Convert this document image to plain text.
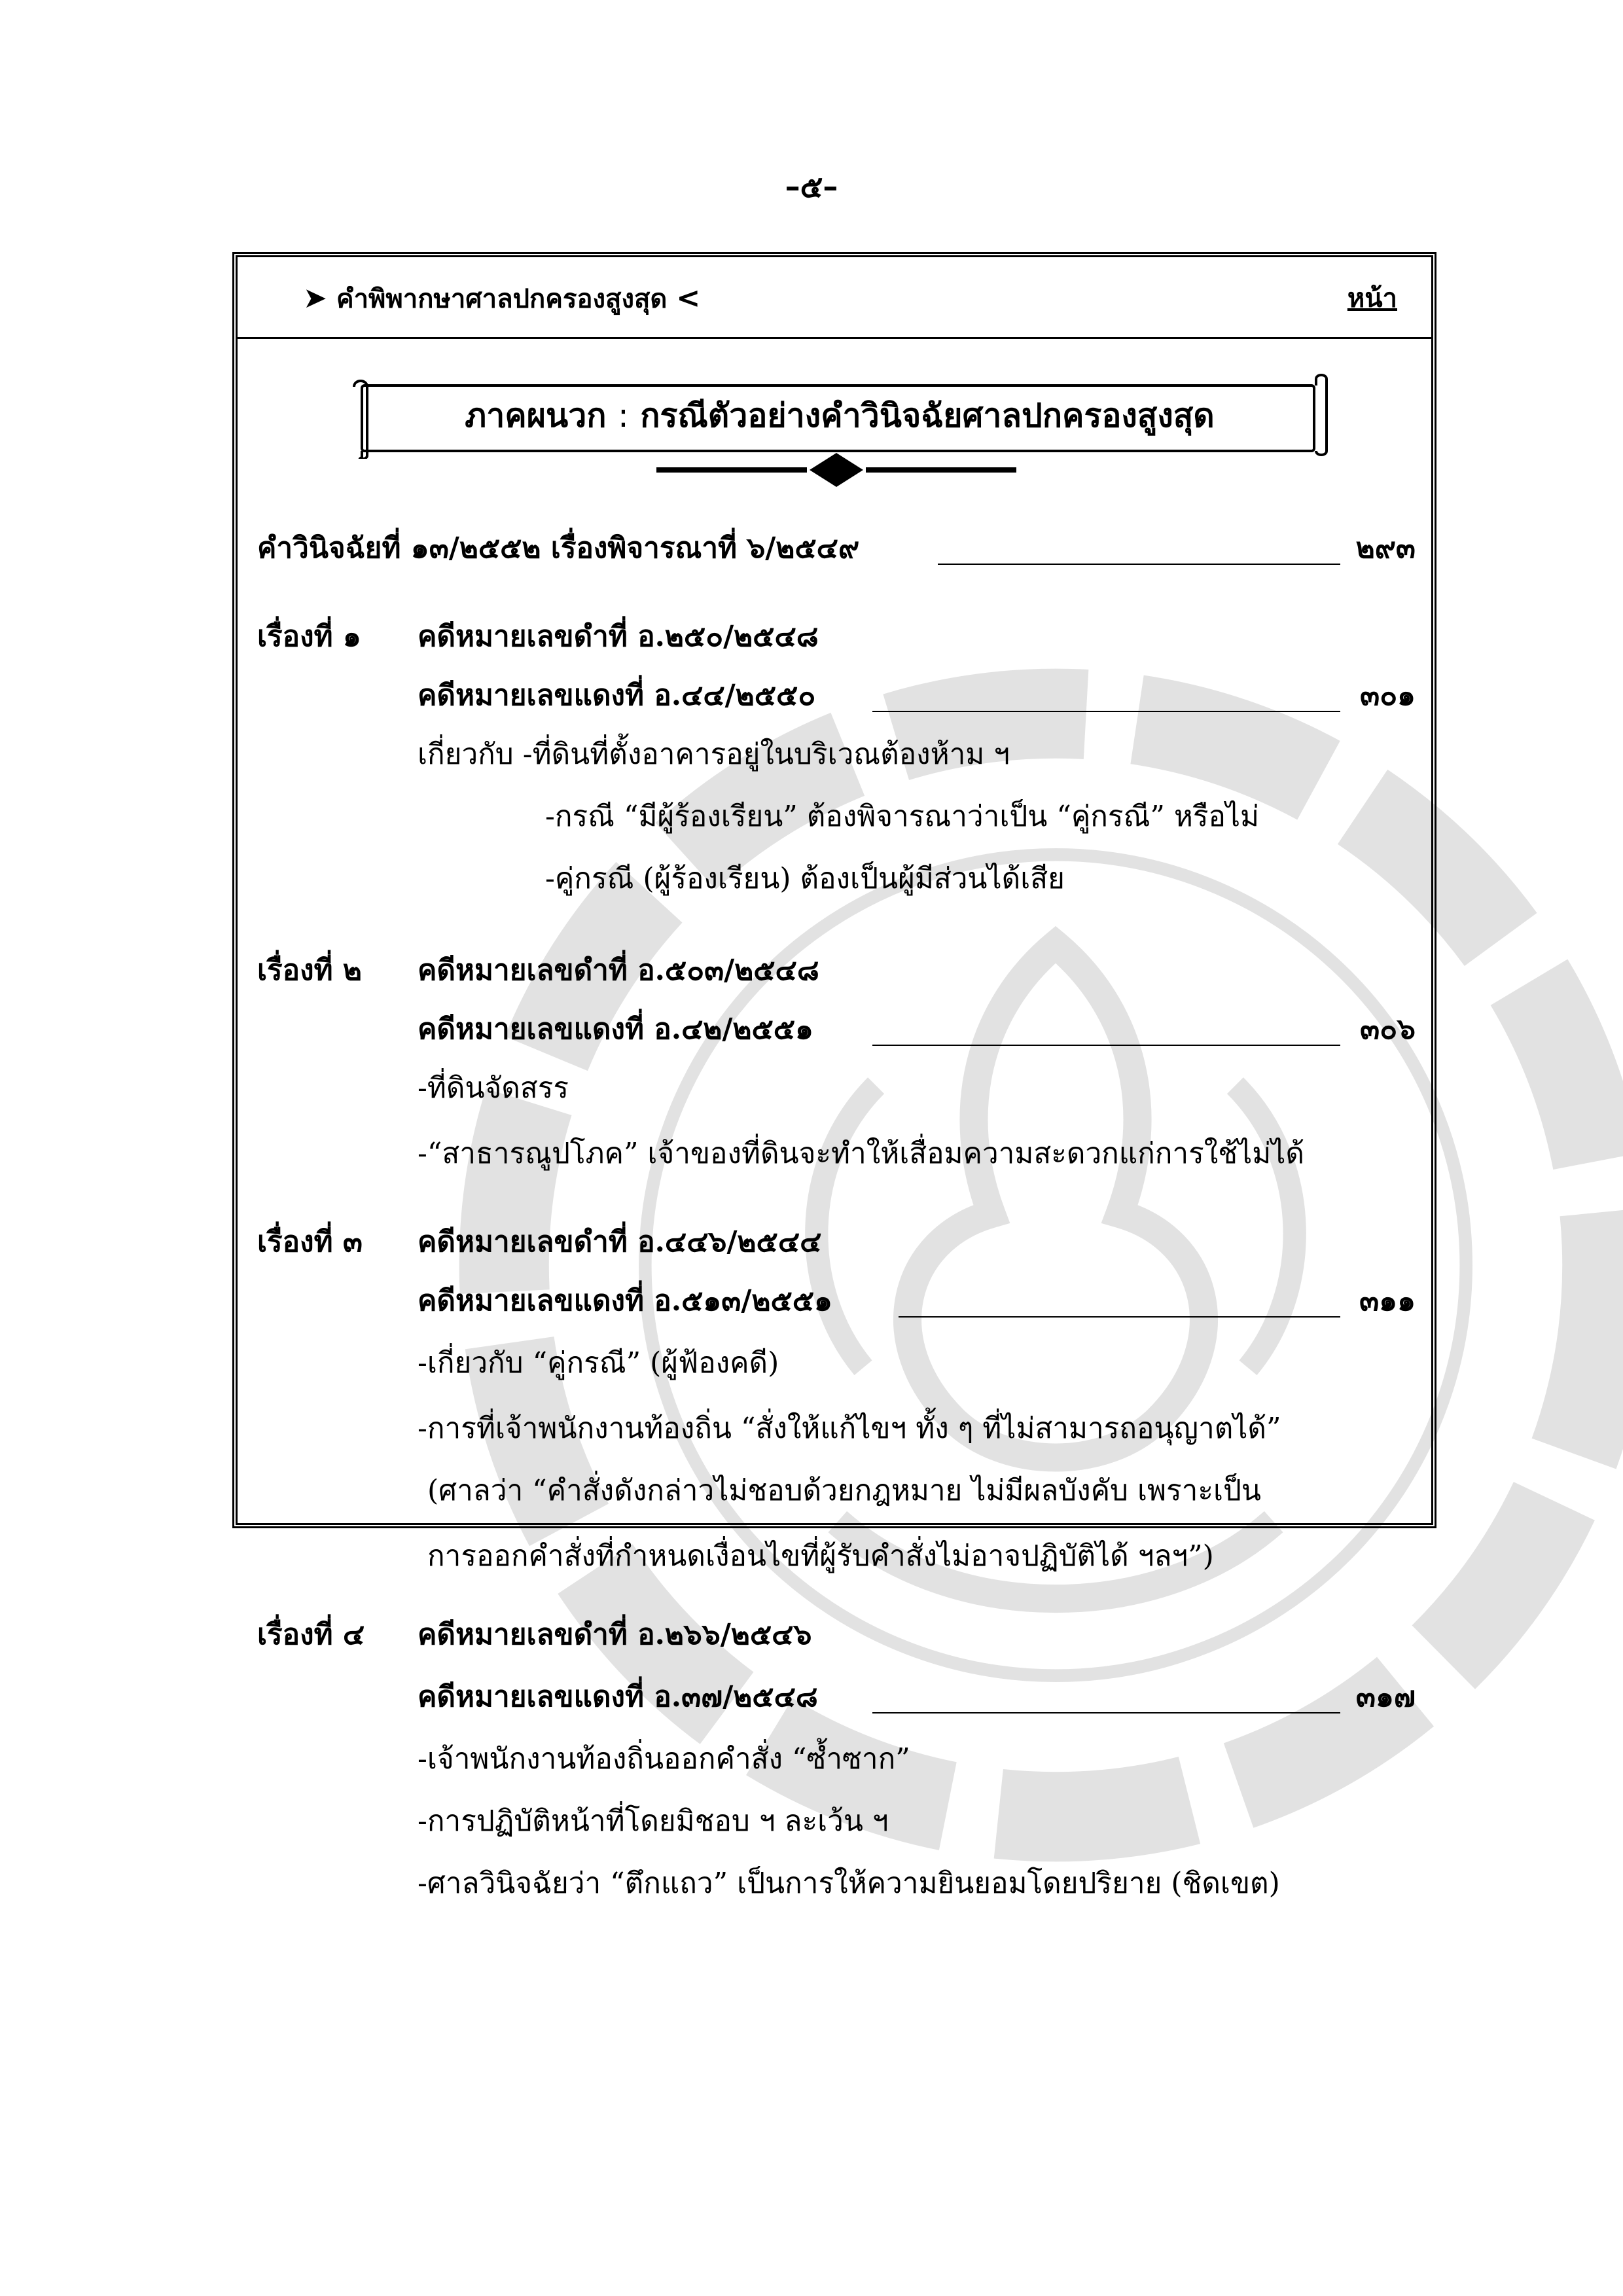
–๕–
➤ คำพิพากษาศาลปกครองสูงสุด <	หน้า
ภาคผนวก : กรณีตัวอย่างคำวินิจฉัยศาลปกครองสูงสุด
คำวินิจฉัยที่ ๑๓/๒๕๕๒ เรื่องพิจารณาที่ ๖/๒๕๔๙	๒๙๓
เรื่องที่ ๑ คดีหมายเลขดำที่ อ.๒๕๐/๒๕๔๘
คดีหมายเลขแดงที่ อ.๔๔/๒๕๕๐	๓๐๑
เกี่ยวกับ -ที่ดินที่ตั้งอาคารอยู่ในบริเวณต้องห้าม ฯ
-กรณี “มีผู้ร้องเรียน” ต้องพิจารณาว่าเป็น “คู่กรณี” หรือไม่
-คู่กรณี (ผู้ร้องเรียน) ต้องเป็นผู้มีส่วนได้เสีย
เรื่องที่ ๒ คดีหมายเลขดำที่ อ.๕๐๓/๒๕๔๘
คดีหมายเลขแดงที่ อ.๔๒/๒๕๕๑	๓๐๖
-ที่ดินจัดสรร
-“สาธารณูปโภค” เจ้าของที่ดินจะทำให้เสื่อมความสะดวกแก่การใช้ไม่ได้
เรื่องที่ ๓ คดีหมายเลขดำที่ อ.๔๔๖/๒๕๔๔
คดีหมายเลขแดงที่ อ.๕๑๓/๒๕๕๑	๓๑๑
-เกี่ยวกับ “คู่กรณี” (ผู้ฟ้องคดี)
-การที่เจ้าพนักงานท้องถิ่น “สั่งให้แก้ไขฯ ทั้ง ๆ ที่ไม่สามารถอนุญาตได้”
(ศาลว่า “คำสั่งดังกล่าวไม่ชอบด้วยกฎหมาย ไม่มีผลบังคับ เพราะเป็น
การออกคำสั่งที่กำหนดเงื่อนไขที่ผู้รับคำสั่งไม่อาจปฏิบัติได้ ฯลฯ”)
เรื่องที่ ๔ คดีหมายเลขดำที่ อ.๒๖๖/๒๕๔๖
คดีหมายเลขแดงที่ อ.๓๗/๒๕๔๘	๓๑๗
-เจ้าพนักงานท้องถิ่นออกคำสั่ง “ซ้ำซาก”
-การปฏิบัติหน้าที่โดยมิชอบ ฯ ละเว้น ฯ
-ศาลวินิจฉัยว่า “ตึกแถว” เป็นการให้ความยินยอมโดยปริยาย (ชิดเขต)
